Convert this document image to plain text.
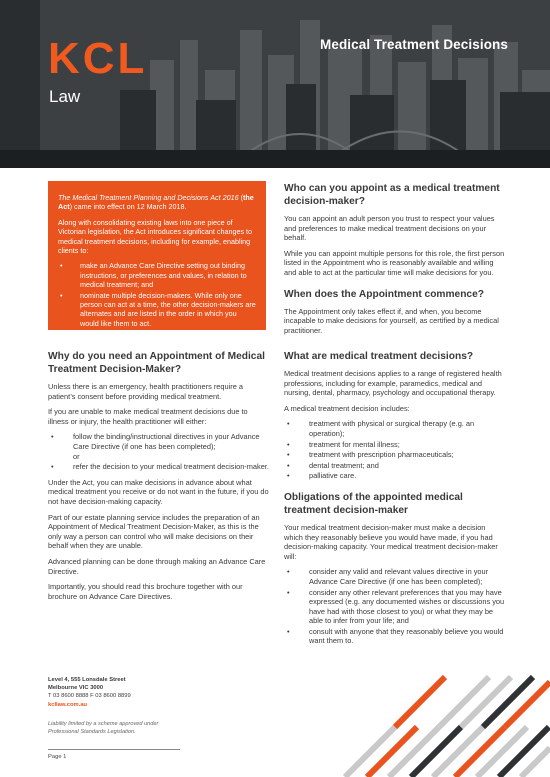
Medical Treatment Decisions
KCL
Law

The Medical Treatment Planning and Decisions Act 2016 (the Act) came into effect on 12 March 2018.

Along with consolidating existing laws into one piece of Victorian legislation, the Act introduces significant changes to medical treatment decisions, including for example, enabling clients to:

• make an Advance Care Directive setting out binding instructions, or preferences and values, in relation to medical treatment; and
• nominate multiple decision-makers. While only one person can act at a time, the other decision-makers are alternates and are listed in the order in which you would like them to act.
Who can you appoint as a medical treatment decision-maker?

You can appoint an adult person you trust to respect your values and preferences to make medical treatment decisions on your behalf.

While you can appoint multiple persons for this role, the first person listed in the Appointment who is reasonably available and willing and able to act at the particular time will make decisions for you.

When does the Appointment commence?

The Appointment only takes effect if, and when, you become incapable to make decisions for yourself, as certified by a medical practitioner.

Why do you need an Appointment of Medical Treatment Decision-Maker?

Unless there is an emergency, health practitioners require a patient’s consent before providing medical treatment.

If you are unable to make medical treatment decisions due to illness or injury, the health practitioner will either:

• follow the binding/instructional directives in your Advance Care Directive (if one has been completed);
or
• refer the decision to your medical treatment decision-maker.

Under the Act, you can make decisions in advance about what medical treatment you receive or do not want in the future, if you do not have decision-making capacity.

Part of our estate planning service includes the preparation of an Appointment of Medical Treatment Decision-Maker, as this is the only way a person can control who will make decisions on their behalf when they are unable.

Advanced planning can be done through making an Advance Care Directive.

Importantly, you should read this brochure together with our brochure on Advance Care Directives.

What are medical treatment decisions?

Medical treatment decisions applies to a range of registered health professions, including for example, paramedics, medical and nursing, dental, pharmacy, psychology and occupational therapy.

A medical treatment decision includes:

• treatment with physical or surgical therapy (e.g. an operation);
• treatment for mental illness;
• treatment with prescription pharmaceuticals;
• dental treatment; and
• palliative care.
Obligations of the appointed medical treatment decision-maker

Your medical treatment decision-maker must make a decision which they reasonably believe you would have made, if you had decision-making capacity. Your medical treatment decision-maker will:

• consider any valid and relevant values directive in your Advance Care Directive (if one has been completed);
• consider any other relevant preferences that you may have expressed (e.g. any documented wishes or discussions you have had with those closest to you) or what they may be able to infer from your life; and
• consult with anyone that they reasonably believe you would want them to.
Level 4, 555 Lonsdale Street
Melbourne VIC 3000
T 03 8600 8888 F 03 8600 8899
kcllaw.com.au
Liability limited by a scheme approved under
Professional Standards Legislation.
Page 1
